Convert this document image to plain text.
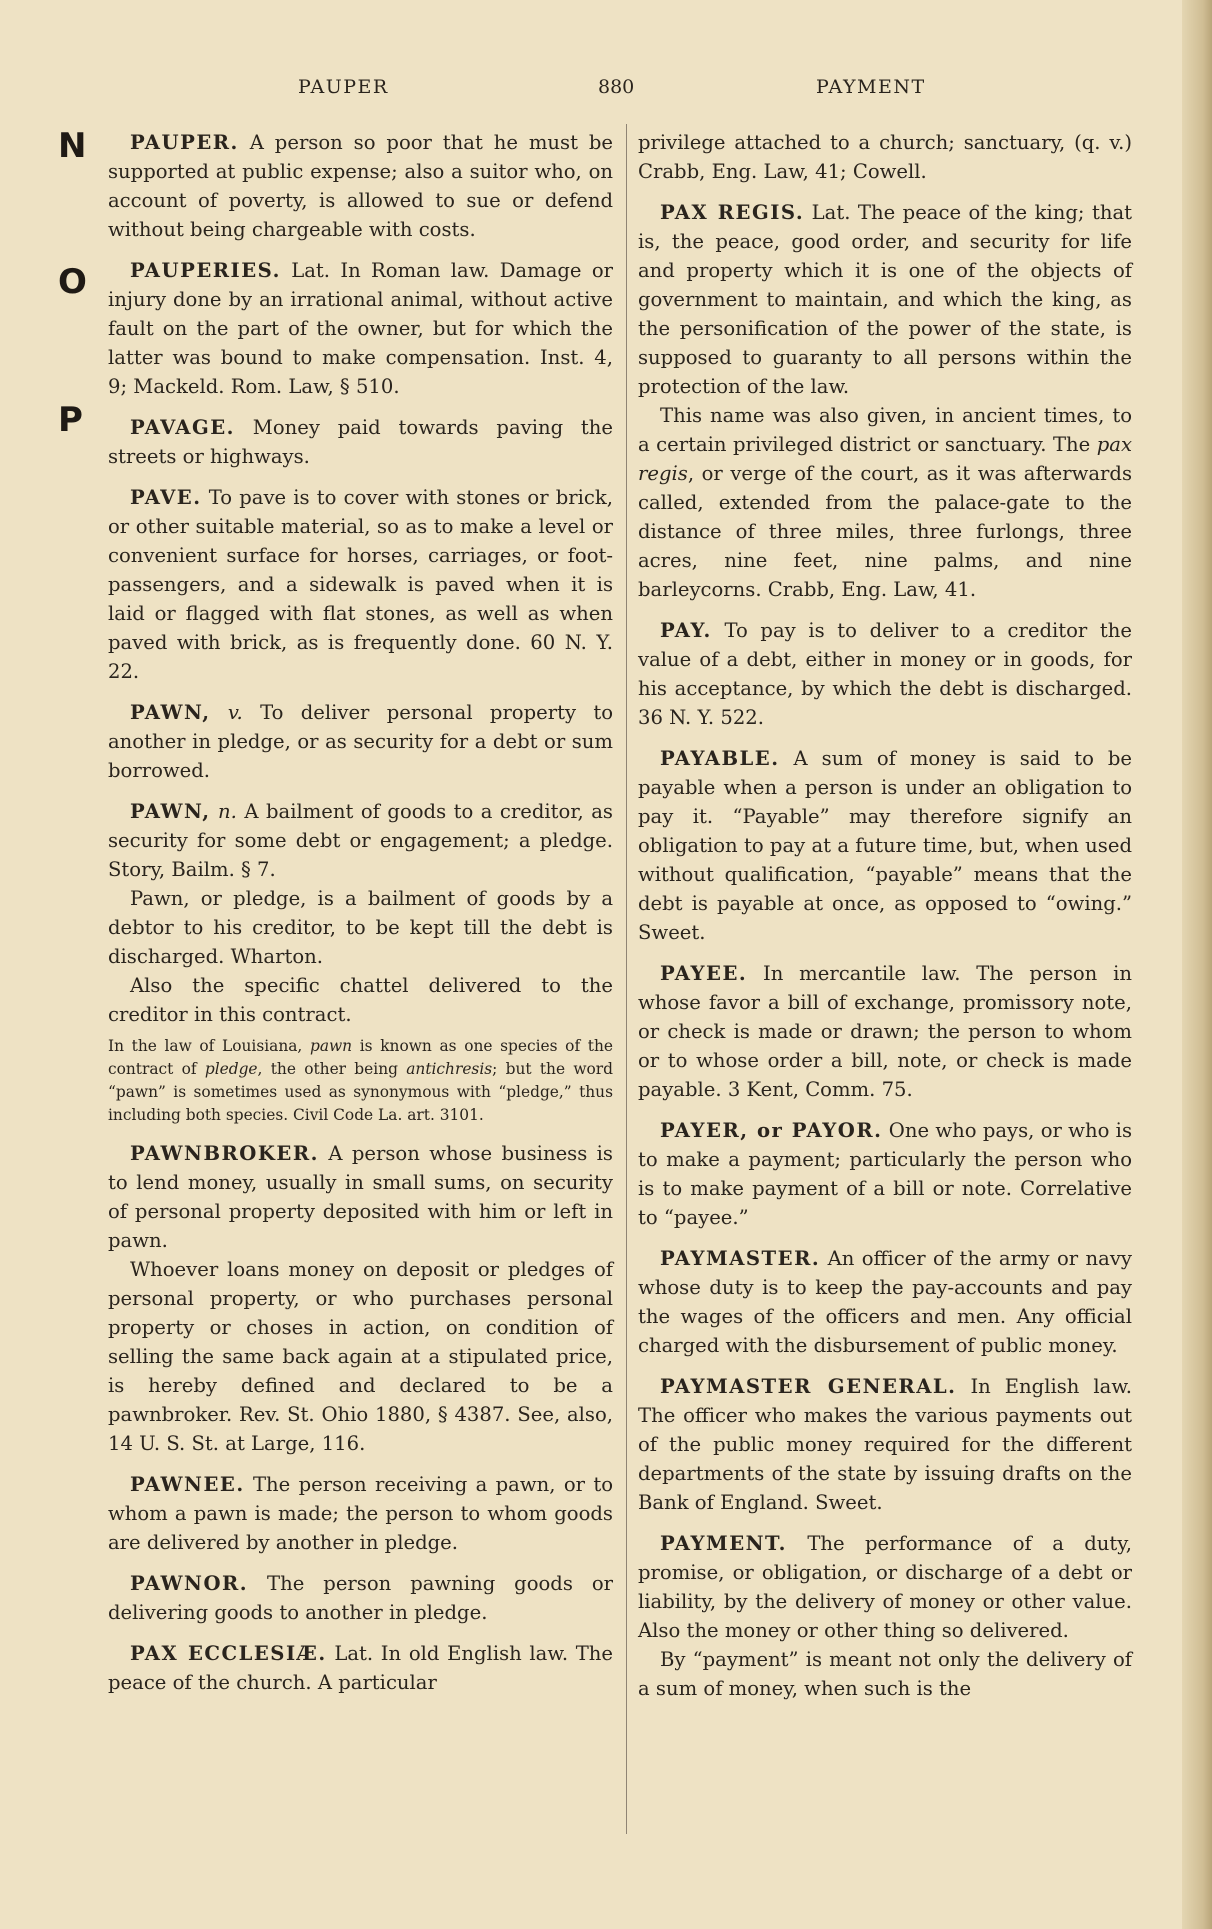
PAUPER	880	PAYMENT
N
O
P

PAUPER. A person so poor that he must be supported at public expense; also a suitor who, on account of poverty, is allowed to sue or defend without being chargeable with costs.

PAUPERIES. Lat. In Roman law. Damage or injury done by an irrational animal, without active fault on the part of the owner, but for which the latter was bound to make compensation. Inst. 4, 9; Mackeld. Rom. Law, § 510.

PAVAGE. Money paid towards paving the streets or highways.

PAVE. To pave is to cover with stones or brick, or other suitable material, so as to make a level or convenient surface for horses, carriages, or foot-passengers, and a sidewalk is paved when it is laid or flagged with flat stones, as well as when paved with brick, as is frequently done. 60 N. Y. 22.

PAWN, v. To deliver personal property to another in pledge, or as security for a debt or sum borrowed.

PAWN, n. A bailment of goods to a creditor, as security for some debt or engagement; a pledge. Story, Bailm. § 7.

Pawn, or pledge, is a bailment of goods by a debtor to his creditor, to be kept till the debt is discharged. Wharton.

Also the specific chattel delivered to the creditor in this contract.

In the law of Louisiana, pawn is known as one species of the contract of pledge, the other being antichresis; but the word “pawn” is sometimes used as synonymous with “pledge,” thus including both species. Civil Code La. art. 3101.

PAWNBROKER. A person whose business is to lend money, usually in small sums, on security of personal property deposited with him or left in pawn.

Whoever loans money on deposit or pledges of personal property, or who purchases personal property or choses in action, on condition of selling the same back again at a stipulated price, is hereby defined and declared to be a pawnbroker. Rev. St. Ohio 1880, § 4387. See, also, 14 U. S. St. at Large, 116.

PAWNEE. The person receiving a pawn, or to whom a pawn is made; the person to whom goods are delivered by another in pledge.

PAWNOR. The person pawning goods or delivering goods to another in pledge.

PAX ECCLESIÆ. Lat. In old English law. The peace of the church. A particular

privilege attached to a church; sanctuary, (q. v.) Crabb, Eng. Law, 41; Cowell.

PAX REGIS. Lat. The peace of the king; that is, the peace, good order, and security for life and property which it is one of the objects of government to maintain, and which the king, as the personification of the power of the state, is supposed to guaranty to all persons within the protection of the law.

This name was also given, in ancient times, to a certain privileged district or sanctuary. The pax regis, or verge of the court, as it was afterwards called, extended from the palace-gate to the distance of three miles, three furlongs, three acres, nine feet, nine palms, and nine barleycorns. Crabb, Eng. Law, 41.

PAY. To pay is to deliver to a creditor the value of a debt, either in money or in goods, for his acceptance, by which the debt is discharged. 36 N. Y. 522.

PAYABLE. A sum of money is said to be payable when a person is under an obligation to pay it. “Payable” may therefore signify an obligation to pay at a future time, but, when used without qualification, “payable” means that the debt is payable at once, as opposed to “owing.” Sweet.

PAYEE. In mercantile law. The person in whose favor a bill of exchange, promissory note, or check is made or drawn; the person to whom or to whose order a bill, note, or check is made payable. 3 Kent, Comm. 75.

PAYER, or PAYOR. One who pays, or who is to make a payment; particularly the person who is to make payment of a bill or note. Correlative to “payee.”

PAYMASTER. An officer of the army or navy whose duty is to keep the pay-accounts and pay the wages of the officers and men. Any official charged with the disbursement of public money.

PAYMASTER GENERAL. In English law. The officer who makes the various payments out of the public money required for the different departments of the state by issuing drafts on the Bank of England. Sweet.

PAYMENT. The performance of a duty, promise, or obligation, or discharge of a debt or liability, by the delivery of money or other value. Also the money or other thing so delivered.

By “payment” is meant not only the delivery of a sum of money, when such is the
